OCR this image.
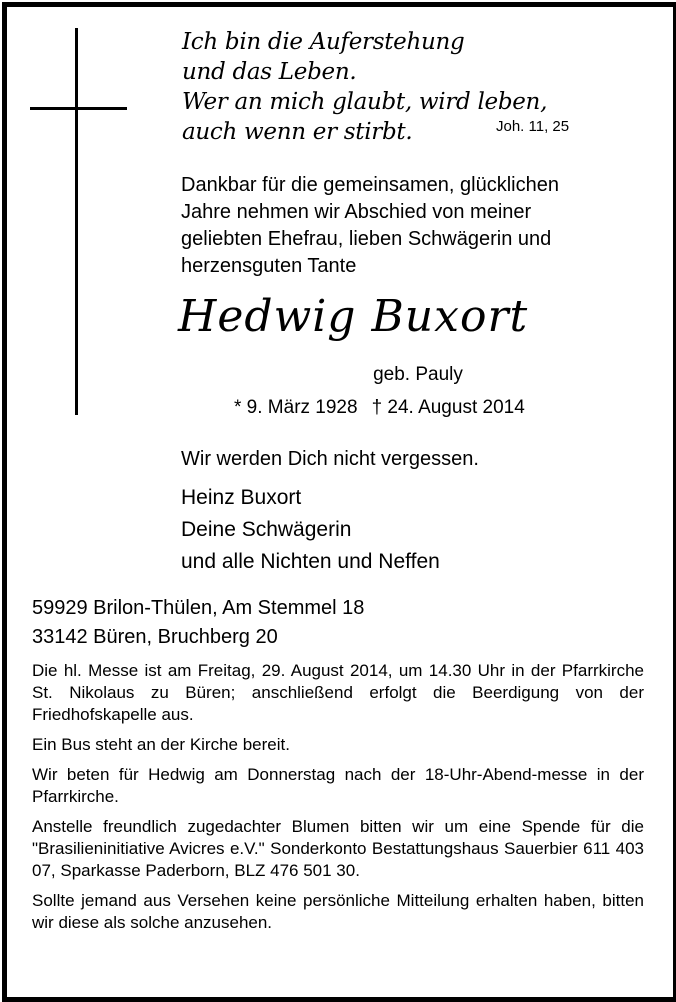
Ich bin die Auferstehung
und das Leben.
Wer an mich glaubt, wird leben,
auch wenn er stirbt.	Joh. 11, 25
Dankbar für die gemeinsamen, glücklichen
Jahre nehmen wir Abschied von meiner
geliebten Ehefrau, lieben Schwägerin und
herzensguten Tante
Hedwig Buxort
geb. Pauly
* 9. März 1928 † 24. August 2014
Wir werden Dich nicht vergessen.
Heinz Buxort
Deine Schwägerin
und alle Nichten und Neffen
59929 Brilon-Thülen, Am Stemmel 18
33142 Büren, Bruchberg 20

Die hl. Messe ist am Freitag, 29. August 2014, um 14.30 Uhr in der Pfarrkirche St. Nikolaus zu Büren; anschließend erfolgt die Beerdigung von der Friedhofskapelle aus.

Ein Bus steht an der Kirche bereit.

Wir beten für Hedwig am Donnerstag nach der 18-Uhr-Abend-messe in der Pfarrkirche.

Anstelle freundlich zugedachter Blumen bitten wir um eine Spende für die "Brasilieninitiative Avicres e.V." Sonderkonto Bestattungshaus Sauerbier 611 403 07, Sparkasse Paderborn, BLZ 476 501 30.

Sollte jemand aus Versehen keine persönliche Mitteilung erhalten haben, bitten wir diese als solche anzusehen.
